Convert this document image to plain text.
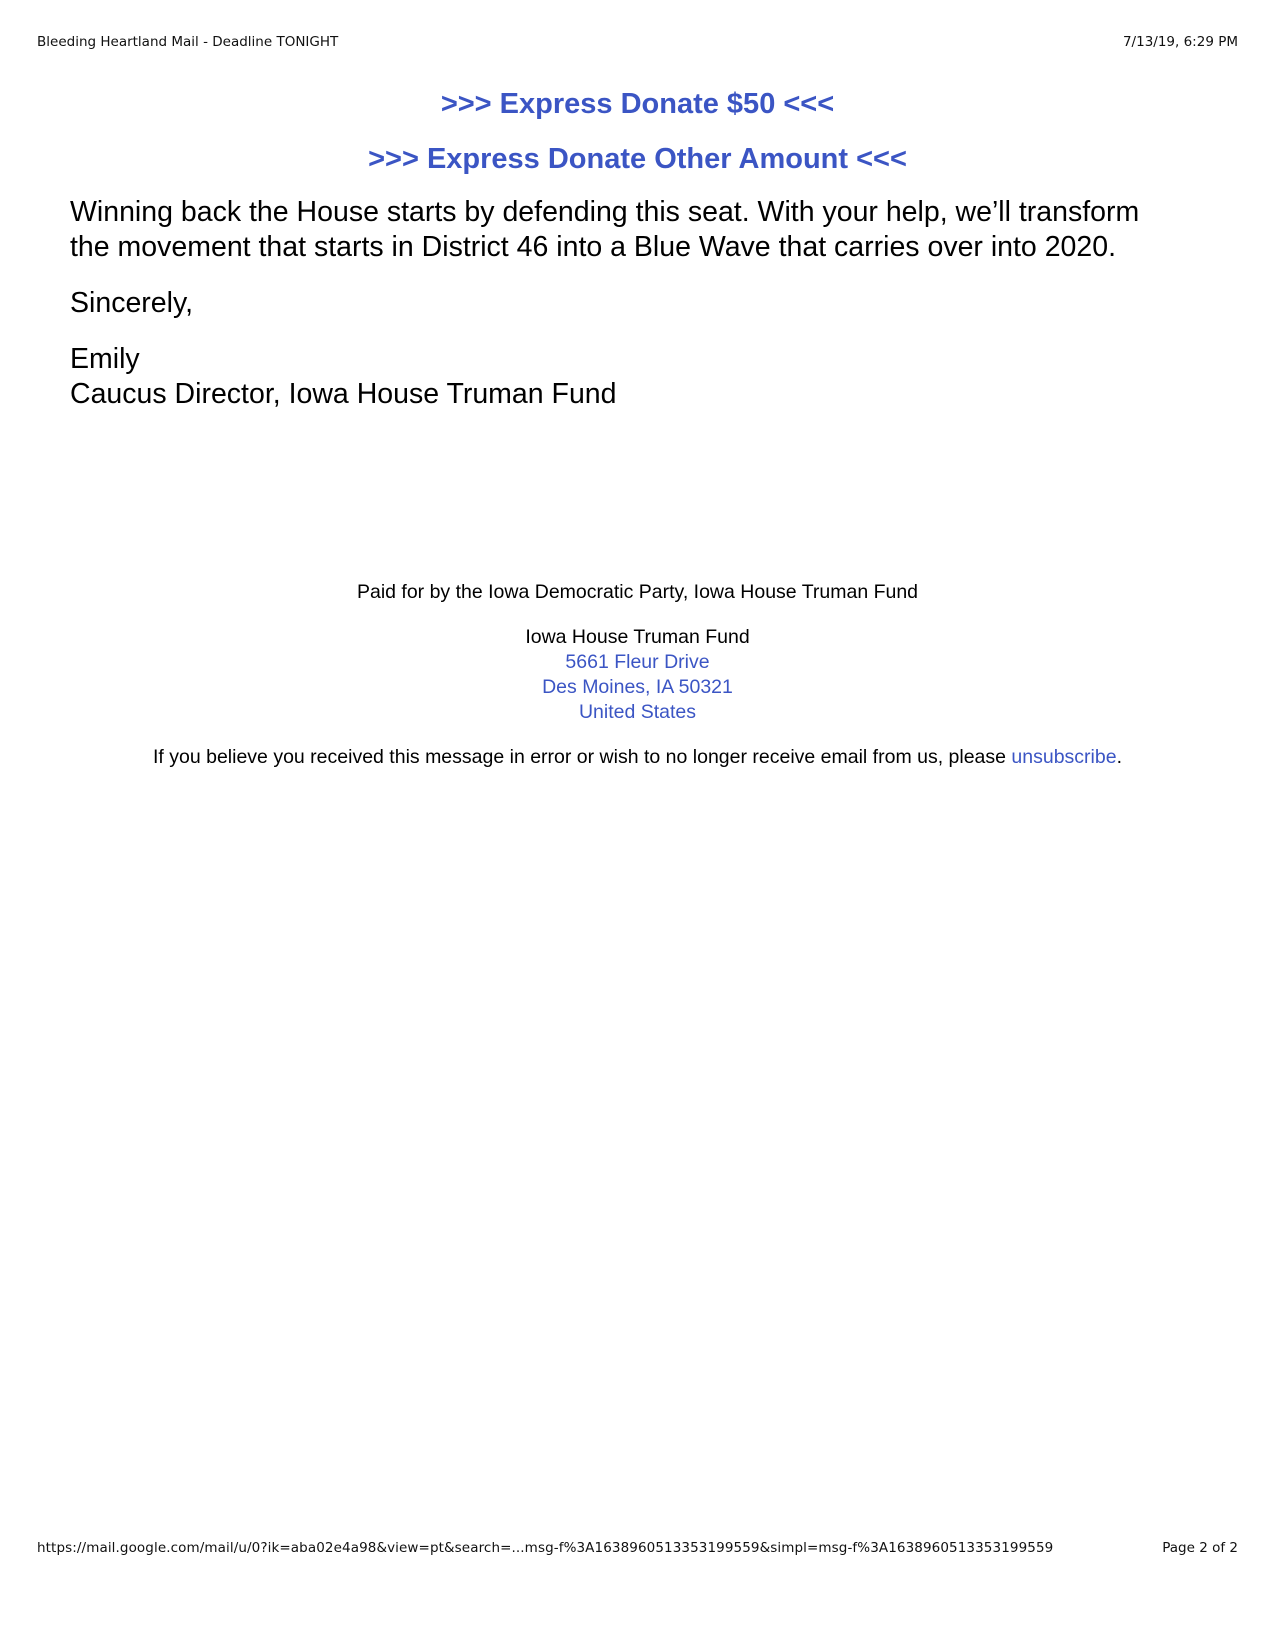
Bleeding Heartland Mail - Deadline TONIGHT	7/13/19, 6:29 PM
>>> Express Donate $50 <<<
>>> Express Donate Other Amount <<<

Winning back the House starts by defending this seat. With your help, we’ll transform
the movement that starts in District 46 into a Blue Wave that carries over into 2020.

Sincerely,

Emily
Caucus Director, Iowa House Truman Fund

Paid for by the Iowa Democratic Party, Iowa House Truman Fund

Iowa House Truman Fund
5661 Fleur Drive
Des Moines, IA 50321
United States

If you believe you received this message in error or wish to no longer receive email from us, please unsubscribe.

https://mail.google.com/mail/u/0?ik=aba02e4a98&view=pt&search=...msg-f%3A1638960513353199559&simpl=msg-f%3A1638960513353199559	Page 2 of 2
